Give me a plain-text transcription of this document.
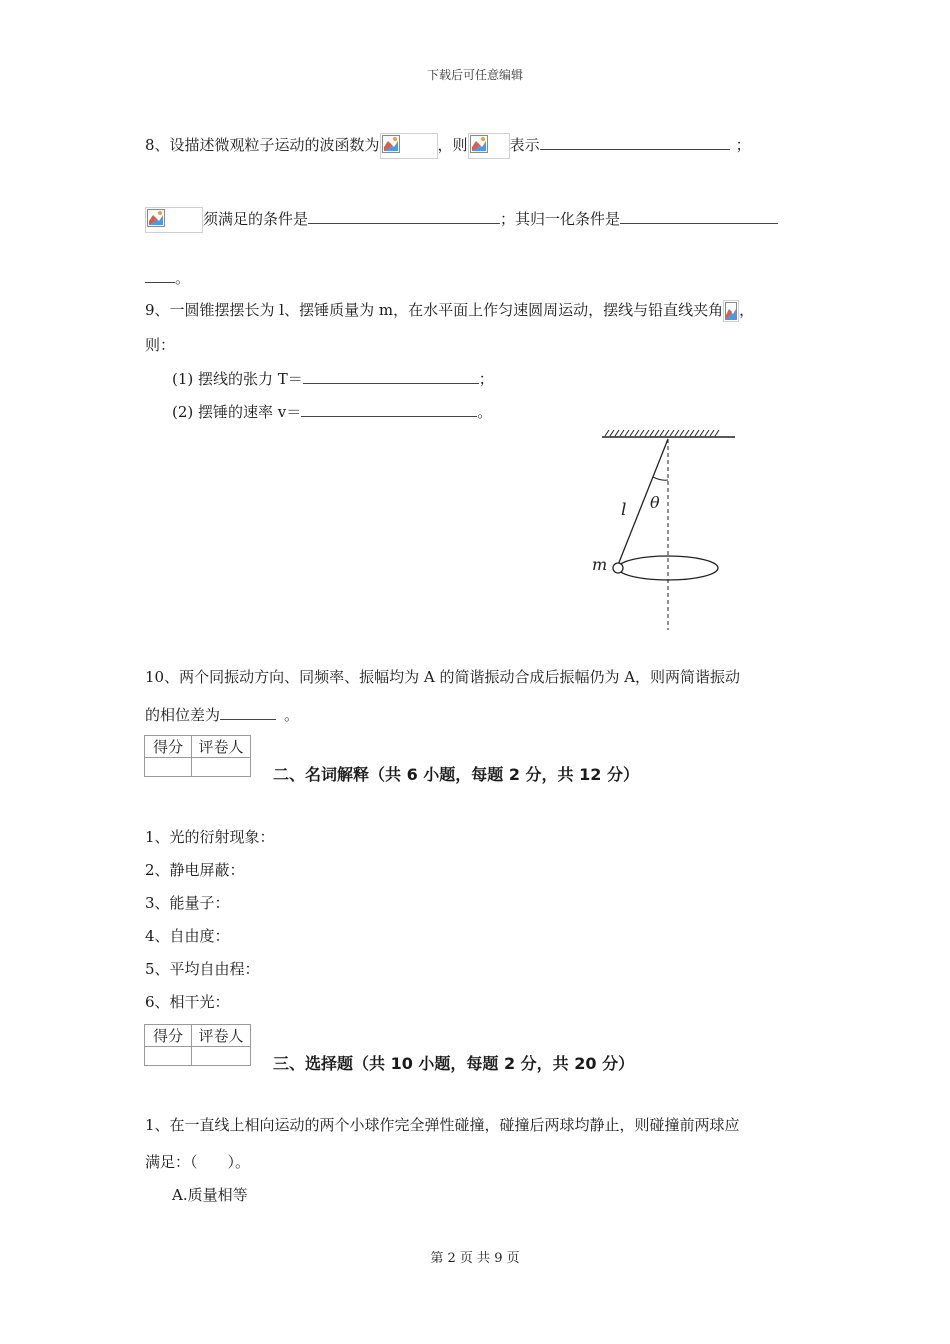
下载后可任意编辑
8、设描述微观粒子运动的波函数为	，则	表示	；
须满足的条件是	；其归一化条件是
。
9、一圆锥摆摆长为 l、摆锤质量为 m，在水平面上作匀速圆周运动，摆线与铅直线夹角 ，
则：
(1) 摆线的张力 T＝	；
(2) 摆锤的速率 v＝	。
l θ
m
10、两个同振动方向、同频率、振幅均为 A 的简谐振动合成后振幅仍为 A，则两简谐振动
的相位差为	。
得分	评卷人

二、名词解释（共 6 小题，每题 2 分，共 12 分）
1、光的衍射现象：
2、静电屏蔽：
3、能量子：
4、自由度：
5、平均自由程：
6、相干光：
得分	评卷人

三、选择题（共 10 小题，每题 2 分，共 20 分）
1、在一直线上相向运动的两个小球作完全弹性碰撞，碰撞后两球均静止，则碰撞前两球应
满足：（　　）。
A.质量相等
第 2 页 共 9 页
